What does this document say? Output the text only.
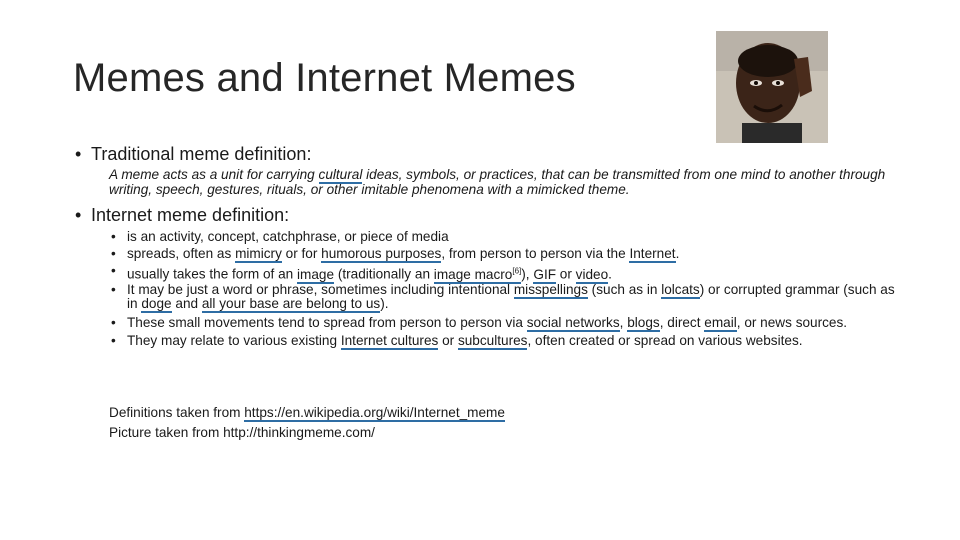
Memes and Internet Memes
• Traditional meme definition:
A meme acts as a unit for carrying cultural ideas, symbols, or practices, that can be transmitted from one mind to another through writing, speech, gestures, rituals, or other imitable phenomena with a mimicked theme.
• Internet meme definition:
• is an activity, concept, catchphrase, or piece of media
• spreads, often as mimicry or for humorous purposes, from person to person via the Internet.
• usually takes the form of an image (traditionally an image macro[6]), GIF or video.
• It may be just a word or phrase, sometimes including intentional misspellings (such as in lolcats) or corrupted grammar (such as in doge and all your base are belong to us).
• These small movements tend to spread from person to person via social networks, blogs, direct email, or news sources.
• They may relate to various existing Internet cultures or subcultures, often created or spread on various websites.
Definitions taken from https://en.wikipedia.org/wiki/Internet_meme
Picture taken from http://thinkingmeme.com/
